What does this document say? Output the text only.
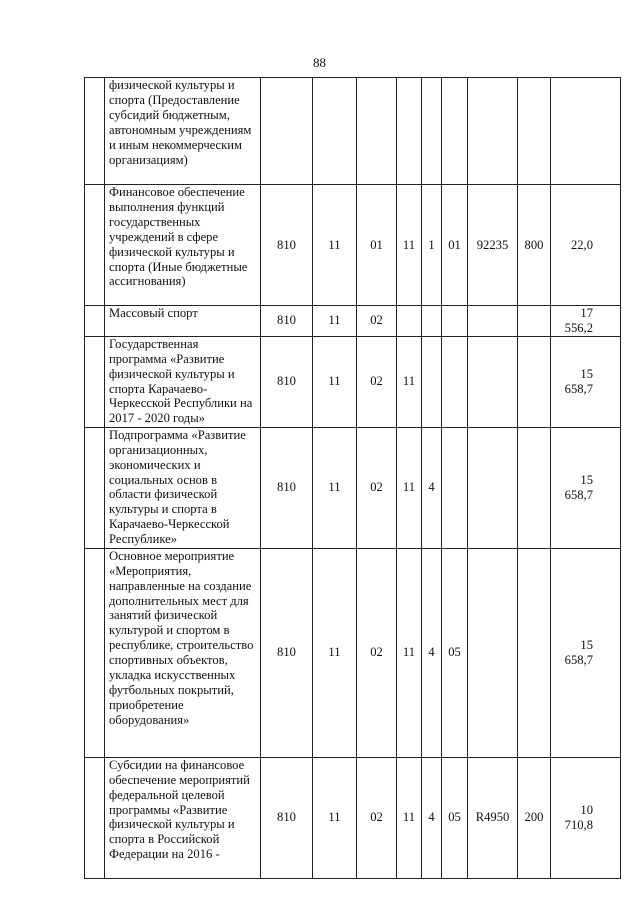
88
	физической культуры и спорта (Предоставление субсидий бюджетным, автономным учреждениям и иным некоммерческим организациям)									
	Финансовое обеспечение выполнения функций государственных учреждений в сфере физической культуры и спорта (Иные бюджетные ассигнования)	810	11	01	11	1	01	92235	800	22,0
	Массовый спорт	810	11	02						17 556,2
	Государственная программа «Развитие физической культуры и спорта Карачаево-Черкесской Республики на 2017 - 2020 годы»	810	11	02	11					15 658,7
	Подпрограмма «Развитие организационных, экономических и социальных основ в области физической культуры и спорта в Карачаево-Черкесской Республике»	810	11	02	11	4				15 658,7
	Основное мероприятие «Мероприятия, направленные на создание дополнительных мест для занятий физической культурой и спортом в республике, строительство спортивных объектов, укладка искусственных футбольных покрытий, приобретение оборудования»	810	11	02	11	4	05			15 658,7
	Субсидии на финансовое обеспечение мероприятий федеральной целевой программы «Развитие физической культуры и спорта в Российской Федерации на 2016 -	810	11	02	11	4	05	R4950	200	10 710,8
